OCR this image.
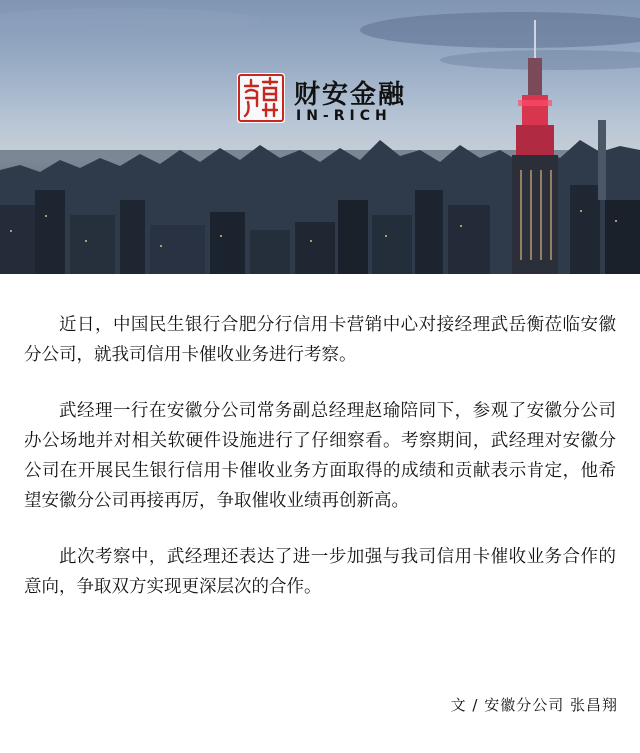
财安金融
IN-RICH

近日，中国民生银行合肥分行信用卡营销中心对接经理武岳衡莅临安徽分公司，就我司信用卡催收业务进行考察。

武经理一行在安徽分公司常务副总经理赵瑜陪同下，参观了安徽分公司办公场地并对相关软硬件设施进行了仔细察看。考察期间，武经理对安徽分公司在开展民生银行信用卡催收业务方面取得的成绩和贡献表示肯定，他希望安徽分公司再接再厉，争取催收业绩再创新高。

此次考察中，武经理还表达了进一步加强与我司信用卡催收业务合作的意向，争取双方实现更深层次的合作。

文 / 安徽分公司 张昌翔
